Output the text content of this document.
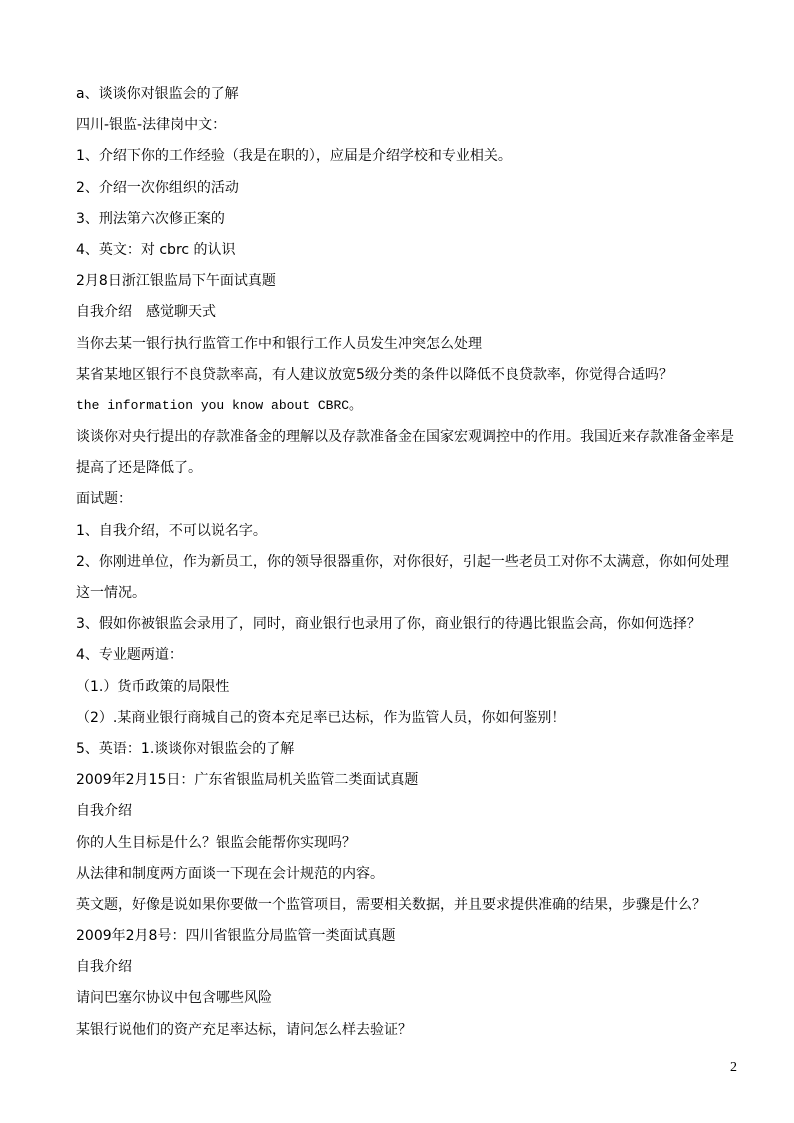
a、谈谈你对银监会的了解
四川-银监-法律岗中文：
1、介绍下你的工作经验（我是在职的），应届是介绍学校和专业相关。
2、介绍一次你组织的活动
3、刑法第六次修正案的
4、英文：对 cbrc 的认识
2月8日浙江银监局下午面试真题
自我介绍　感觉聊天式
当你去某一银行执行监管工作中和银行工作人员发生冲突怎么处理
某省某地区银行不良贷款率高，有人建议放宽5级分类的条件以降低不良贷款率，你觉得合适吗？
the information you know about CBRC。
谈谈你对央行提出的存款准备金的理解以及存款准备金在国家宏观调控中的作用。我国近来存款准备金率是
提高了还是降低了。
面试题：
1、自我介绍，不可以说名字。
2、你刚进单位，作为新员工，你的领导很器重你，对你很好，引起一些老员工对你不太满意，你如何处理
这一情况。
3、假如你被银监会录用了，同时，商业银行也录用了你，商业银行的待遇比银监会高，你如何选择？
4、专业题两道：
（1.）货币政策的局限性
（2）.某商业银行商城自己的资本充足率已达标，作为监管人员，你如何鉴别！
5、英语：1.谈谈你对银监会的了解
2009年2月15日：广东省银监局机关监管二类面试真题
自我介绍
你的人生目标是什么？银监会能帮你实现吗？
从法律和制度两方面谈一下现在会计规范的内容。
英文题，好像是说如果你要做一个监管项目，需要相关数据，并且要求提供准确的结果，步骤是什么？
2009年2月8号：四川省银监分局监管一类面试真题
自我介绍
请问巴塞尔协议中包含哪些风险
某银行说他们的资产充足率达标，请问怎么样去验证？
2
